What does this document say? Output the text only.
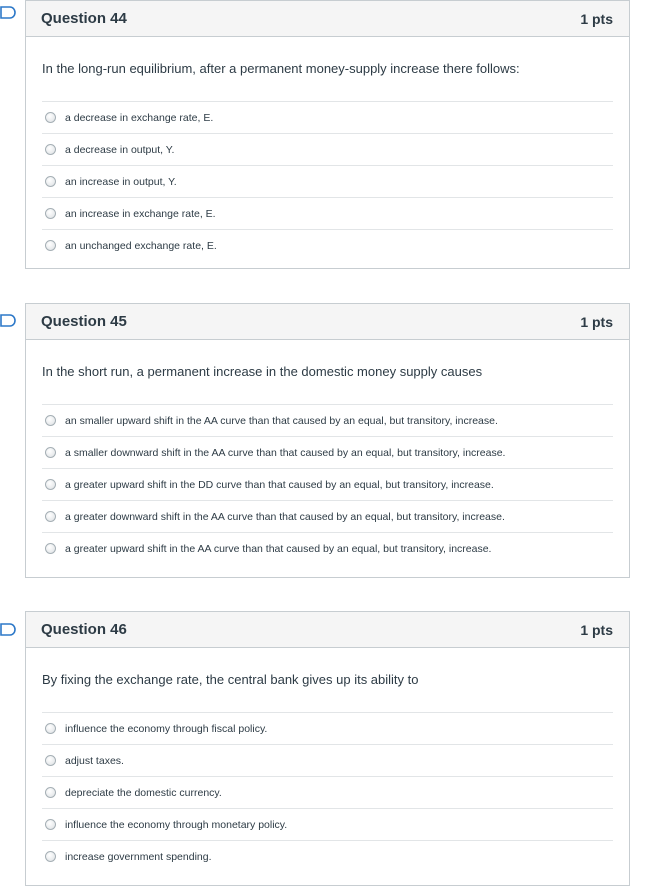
Question 44	1 pts
In the long-run equilibrium, after a permanent money-supply increase there follows:
a decrease in exchange rate, E.
a decrease in output, Y.
an increase in output, Y.
an increase in exchange rate, E.
an unchanged exchange rate, E.
Question 45	1 pts
In the short run, a permanent increase in the domestic money supply causes
an smaller upward shift in the AA curve than that caused by an equal, but transitory, increase.
a smaller downward shift in the AA curve than that caused by an equal, but transitory, increase.
a greater upward shift in the DD curve than that caused by an equal, but transitory, increase.
a greater downward shift in the AA curve than that caused by an equal, but transitory, increase.
a greater upward shift in the AA curve than that caused by an equal, but transitory, increase.
Question 46	1 pts
By fixing the exchange rate, the central bank gives up its ability to
influence the economy through fiscal policy.
adjust taxes.
depreciate the domestic currency.
influence the economy through monetary policy.
increase government spending.
